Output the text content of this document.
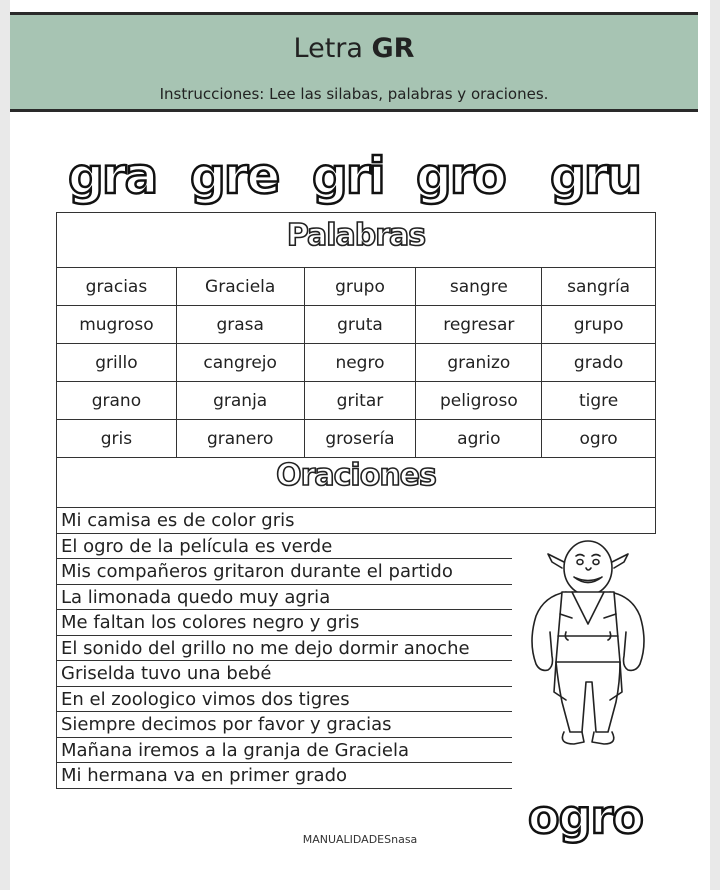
Letra GR
Instrucciones: Lee las silabas, palabras y oraciones.
gra gre gri gro gru
Palabras
gracias	Graciela	grupo	sangre	sangría
mugroso	grasa	gruta	regresar	grupo
grillo	cangrejo	negro	granizo	grado
grano	granja	gritar	peligroso	tigre
gris	granero	grosería	agrio	ogro
Oraciones
Mi camisa es de color gris
El ogro de la película es verde
Mis compañeros gritaron durante el partido
La limonada quedo muy agria
Me faltan los colores negro y gris
El sonido del grillo no me dejo dormir anoche
Griselda tuvo una bebé
En el zoologico vimos dos tigres
Siempre decimos por favor y gracias
Mañana iremos a la granja de Graciela
Mi hermana va en primer grado
ogro
MANUALIDADESnasa
